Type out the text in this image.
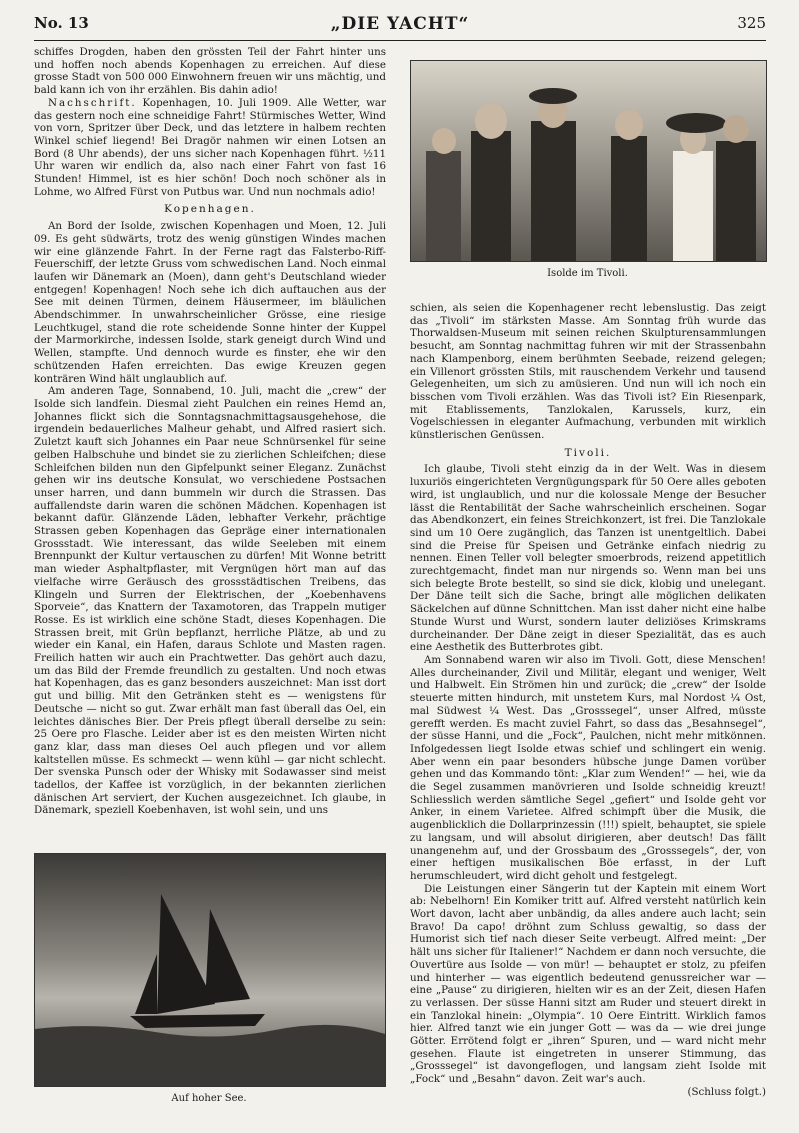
No. 13	„DIE YACHT“	325

schiffes Drogden, haben den grössten Teil der Fahrt hinter uns und hoffen noch abends Kopenhagen zu erreichen. Auf diese grosse Stadt von 500 000 Einwohnern freuen wir uns mächtig, und bald kann ich von ihr erzählen. Bis dahin adio!

Nachschrift. Kopenhagen, 10. Juli 1909. Alle Wetter, war das gestern noch eine schneidige Fahrt! Stürmisches Wetter, Wind von vorn, Spritzer über Deck, und das letztere in halbem rechten Winkel schief liegend! Bei Dragör nahmen wir einen Lotsen an Bord (8 Uhr abends), der uns sicher nach Kopenhagen führt. ½11 Uhr waren wir endlich da, also nach einer Fahrt von fast 16 Stunden! Himmel, ist es hier schön! Doch noch schöner als in Lohme, wo Alfred Fürst von Putbus war. Und nun nochmals adio!

Kopenhagen.

An Bord der Isolde, zwischen Kopenhagen und Moen, 12. Juli 09. Es geht südwärts, trotz des wenig günstigen Windes machen wir eine glänzende Fahrt. In der Ferne ragt das Falsterbo-Riff-Feuerschiff, der letzte Gruss vom schwedischen Land. Noch einmal laufen wir Dänemark an (Moen), dann geht's Deutschland wieder entgegen! Kopenhagen! Noch sehe ich dich auftauchen aus der See mit deinen Türmen, deinem Häusermeer, im bläulichen Abendschimmer. In unwahrscheinlicher Grösse, eine riesige Leuchtkugel, stand die rote scheidende Sonne hinter der Kuppel der Marmorkirche, indessen Isolde, stark geneigt durch Wind und Wellen, stampfte. Und dennoch wurde es finster, ehe wir den schützenden Hafen erreichten. Das ewige Kreuzen gegen konträren Wind hält unglaublich auf.

Am anderen Tage, Sonnabend, 10. Juli, macht die „crew“ der Isolde sich landfein. Diesmal zieht Paulchen ein reines Hemd an, Johannes flickt sich die Sonntagsnachmittagsausgehehose, die irgendein bedauerliches Malheur gehabt, und Alfred rasiert sich. Zuletzt kauft sich Johannes ein Paar neue Schnürsenkel für seine gelben Halbschuhe und bindet sie zu zierlichen Schleifchen; diese Schleifchen bilden nun den Gipfelpunkt seiner Eleganz. Zunächst gehen wir ins deutsche Konsulat, wo verschiedene Postsachen unser harren, und dann bummeln wir durch die Strassen. Das auffallendste darin waren die schönen Mädchen. Kopenhagen ist bekannt dafür. Glänzende Läden, lebhafter Verkehr, prächtige Strassen geben Kopenhagen das Gepräge einer internationalen Grossstadt. Wie interessant, das wilde Seeleben mit einem Brennpunkt der Kultur vertauschen zu dürfen! Mit Wonne betritt man wieder Asphaltpflaster, mit Vergnügen hört man auf das vielfache wirre Geräusch des grossstädtischen Treibens, das Klingeln und Surren der Elektrischen, der „Koebenhavens Sporveie“, das Knattern der Taxamotoren, das Trappeln mutiger Rosse. Es ist wirklich eine schöne Stadt, dieses Kopenhagen. Die Strassen breit, mit Grün bepflanzt, herrliche Plätze, ab und zu wieder ein Kanal, ein Hafen, daraus Schlote und Masten ragen. Freilich hatten wir auch ein Prachtwetter. Das gehört auch dazu, um das Bild der Fremde freundlich zu gestalten. Und noch etwas hat Kopenhagen, das es ganz besonders auszeichnet: Man isst dort gut und billig. Mit den Getränken steht es — wenigstens für Deutsche — nicht so gut. Zwar erhält man fast überall das Oel, ein leichtes dänisches Bier. Der Preis pflegt überall derselbe zu sein: 25 Oere pro Flasche. Leider aber ist es den meisten Wirten nicht ganz klar, dass man dieses Oel auch pflegen und vor allem kaltstellen müsse. Es schmeckt — wenn kühl — gar nicht schlecht. Der svenska Punsch oder der Whisky mit Sodawasser sind meist tadellos, der Kaffee ist vorzüglich, in der bekannten zierlichen dänischen Art serviert, der Kuchen ausgezeichnet. Ich glaube, in Dänemark, speziell Koebenhaven, ist wohl sein, und uns

Isolde im Tivoli.

schien, als seien die Kopenhagener recht lebenslustig. Das zeigt das „Tivoli“ im stärksten Masse. Am Sonntag früh wurde das Thorwaldsen-Museum mit seinen reichen Skulpturensammlungen besucht, am Sonntag nachmittag fuhren wir mit der Strassenbahn nach Klampenborg, einem berühmten Seebade, reizend gelegen; ein Villenort grössten Stils, mit rauschendem Verkehr und tausend Gelegenheiten, um sich zu amüsieren. Und nun will ich noch ein bisschen vom Tivoli erzählen. Was das Tivoli ist? Ein Riesenpark, mit Etablissements, Tanzlokalen, Karussels, kurz, ein Vogelschiessen in eleganter Aufmachung, verbunden mit wirklich künstlerischen Genüssen.

Tivoli.

Ich glaube, Tivoli steht einzig da in der Welt. Was in diesem luxuriös eingerichteten Vergnügungspark für 50 Oere alles geboten wird, ist unglaublich, und nur die kolossale Menge der Besucher lässt die Rentabilität der Sache wahrscheinlich erscheinen. Sogar das Abendkonzert, ein feines Streichkonzert, ist frei. Die Tanzlokale sind um 10 Oere zugänglich, das Tanzen ist unentgeltlich. Dabei sind die Preise für Speisen und Getränke einfach niedrig zu nennen. Einen Teller voll belegter smoerbrods, reizend appetitlich zurechtgemacht, findet man nur nirgends so. Wenn man bei uns sich belegte Brote bestellt, so sind sie dick, klobig und unelegant. Der Däne teilt sich die Sache, bringt alle möglichen delikaten Säckelchen auf dünne Schnittchen. Man isst daher nicht eine halbe Stunde Wurst und Wurst, sondern lauter deliziöses Krimskrams durcheinander. Der Däne zeigt in dieser Spezialität, das es auch eine Aesthetik des Butterbrotes gibt.

Am Sonnabend waren wir also im Tivoli. Gott, diese Menschen! Alles durcheinander, Zivil und Militär, elegant und weniger, Welt und Halbwelt. Ein Strömen hin und zurück; die „crew“ der Isolde steuerte mitten hindurch, mit unstetem Kurs, mal Nordost ¼ Ost, mal Südwest ¼ West. Das „Grosssegel“, unser Alfred, müsste gerefft werden. Es macht zuviel Fahrt, so dass das „Besahnsegel“, der süsse Hanni, und die „Fock“, Paulchen, nicht mehr mitkönnen. Infolgedessen liegt Isolde etwas schief und schlingert ein wenig. Aber wenn ein paar besonders hübsche junge Damen vorüber gehen und das Kommando tönt: „Klar zum Wenden!“ — hei, wie da die Segel zusammen manövrieren und Isolde schneidig kreuzt! Schliesslich werden sämtliche Segel „gefiert“ und Isolde geht vor Anker, in einem Varietee. Alfred schimpft über die Musik, die augenblicklich die Dollarprinzessin (!!!) spielt, behauptet, sie spiele zu langsam, und will absolut dirigieren, aber deutsch! Das fällt unangenehm auf, und der Grossbaum des „Grosssegels“, der, von einer heftigen musikalischen Böe erfasst, in der Luft herumschleudert, wird dicht geholt und festgelegt.

Die Leistungen einer Sängerin tut der Kaptein mit einem Wort ab: Nebelhorn! Ein Komiker tritt auf. Alfred versteht natürlich kein Wort davon, lacht aber unbändig, da alles andere auch lacht; sein Bravo! Da capo! dröhnt zum Schluss gewaltig, so dass der Humorist sich tief nach dieser Seite verbeugt. Alfred meint: „Der hält uns sicher für Italiener!“ Nachdem er dann noch versuchte, die Ouvertüre aus Isolde — von mür! — behauptet er stolz, zu pfeifen und hinterher — was eigentlich bedeutend genussreicher war — eine „Pause“ zu dirigieren, hielten wir es an der Zeit, diesen Hafen zu verlassen. Der süsse Hanni sitzt am Ruder und steuert direkt in ein Tanzlokal hinein: „Olympia“. 10 Oere Eintritt. Wirklich famos hier. Alfred tanzt wie ein junger Gott — was da — wie drei junge Götter. Errötend folgt er „ihren“ Spuren, und — ward nicht mehr gesehen. Flaute ist eingetreten in unserer Stimmung, das „Grosssegel“ ist davongeflogen, und langsam zieht Isolde mit „Fock“ und „Besahn“ davon. Zeit war's auch.

(Schluss folgt.)

Auf hoher See.
